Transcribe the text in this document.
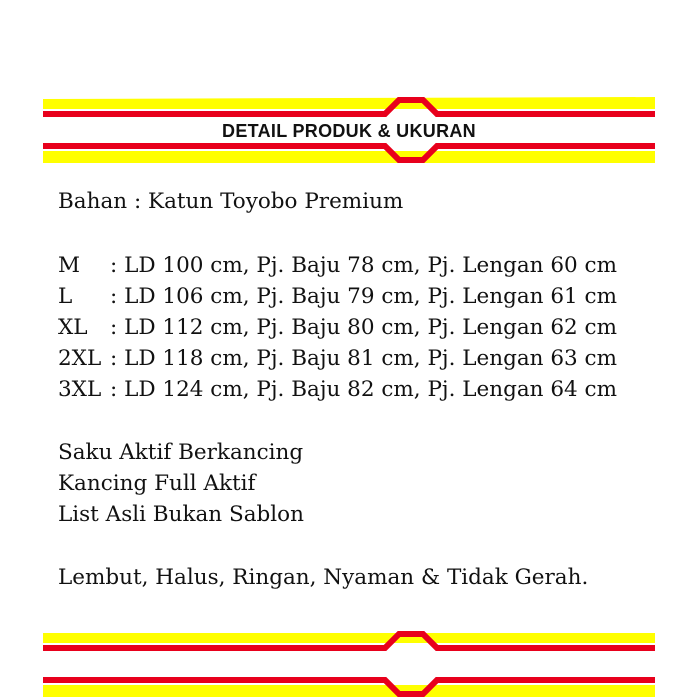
DETAIL PRODUK & UKURAN
Bahan : Katun Toyobo Premium
M	: LD 100 cm, Pj. Baju 78 cm, Pj. Lengan 60 cm
L	: LD 106 cm, Pj. Baju 79 cm, Pj. Lengan 61 cm
XL	: LD 112 cm, Pj. Baju 80 cm, Pj. Lengan 62 cm
2XL : LD 118 cm, Pj. Baju 81 cm, Pj. Lengan 63 cm
3XL : LD 124 cm, Pj. Baju 82 cm, Pj. Lengan 64 cm
Saku Aktif Berkancing
Kancing Full Aktif
List Asli Bukan Sablon
Lembut, Halus, Ringan, Nyaman & Tidak Gerah.
